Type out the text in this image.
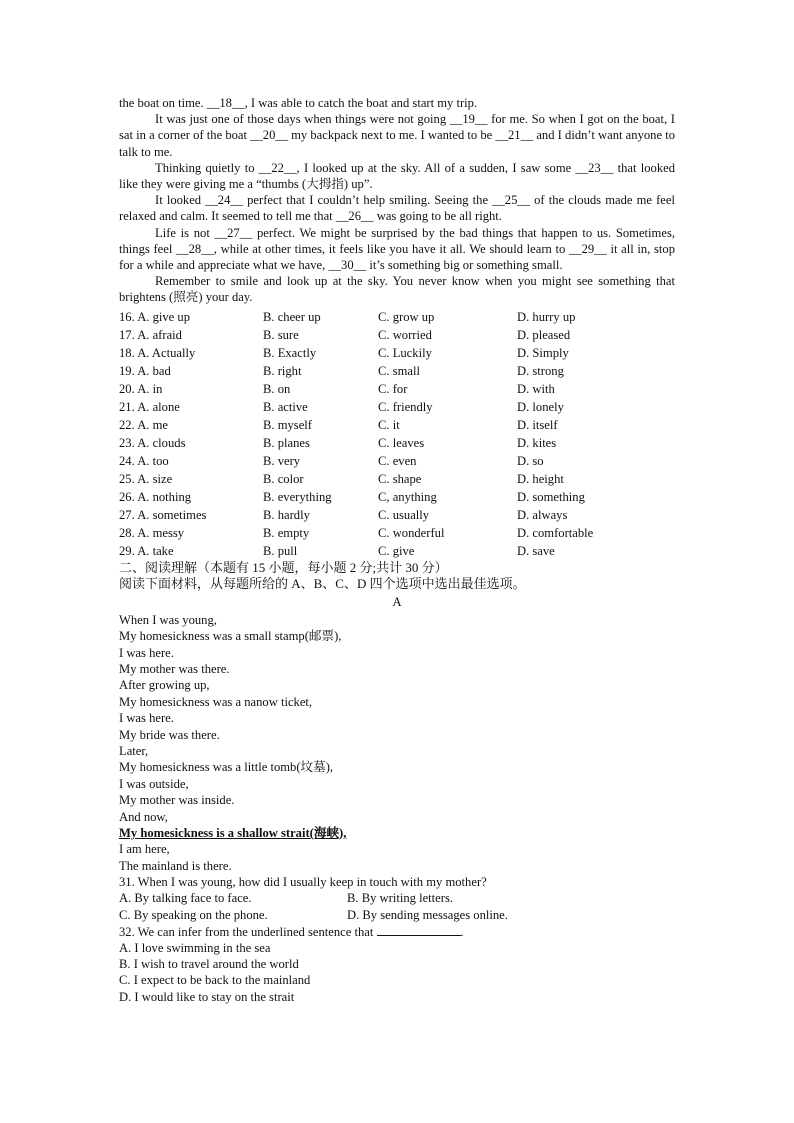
the boat on time. __18__, I was able to catch the boat and start my trip.

It was just one of those days when things were not going __19__ for me. So when I got on the boat, I sat in a corner of the boat __20__ my backpack next to me. I wanted to be __21__ and I didn’t want anyone to talk to me.

Thinking quietly to __22__, I looked up at the sky. All of a sudden, I saw some __23__ that looked like they were giving me a “thumbs (大拇指) up”.

It looked __24__ perfect that I couldn’t help smiling. Seeing the __25__ of the clouds made me feel relaxed and calm. It seemed to tell me that __26__ was going to be all right.

Life is not __27__ perfect. We might be surprised by the bad things that happen to us. Sometimes, things feel __28__, while at other times, it feels like you have it all. We should learn to __29__ it all in, stop for a while and appreciate what we have, __30__ it’s something big or something small.

Remember to smile and look up at the sky. You never know when you might see something that brightens (照亮) your day.

16. A. give up	B. cheer up	C. grow up	D. hurry up
17. A. afraid	B. sure	C. worried	D. pleased
18. A. Actually	B. Exactly	C. Luckily	D. Simply
19. A. bad	B. right	C. small	D. strong
20. A. in	B. on	C. for	D. with
21. A. alone	B. active	C. friendly	D. lonely
22. A. me	B. myself	C. it	D. itself
23. A. clouds	B. planes	C. leaves	D. kites
24. A. too	B. very	C. even	D. so
25. A. size	B. color	C. shape	D. height
26. A. nothing	B. everything	C, anything	D. something
27. A. sometimes	B. hardly	C. usually	D. always
28. A. messy	B. empty	C. wonderful	D. comfortable
29. A. take	B. pull	C. give	D. save

二、阅读理解（本题有 15 小题，每小题 2 分;共计 30 分）

阅读下面材料，从每题所给的 A、B、C、D 四个选项中选出最佳选项。

A

When I was young,

My homesickness was a small stamp(邮票),

I was here.

My mother was there.

After growing up,

My homesickness was a nanow ticket,

I was here.

My bride was there.

Later,

My homesickness was a little tomb(坟墓),

I was outside,

My mother was inside.

And now,

My homesickness is a shallow strait(海峡),

I am here,

The mainland is there.

31. When I was young, how did I usually keep in touch with my mother?

A. By talking face to face.	B. By writing letters.
C. By speaking on the phone.	D. By sending messages online.

32. We can infer from the underlined sentence that	.

A. I love swimming in the sea

B. I wish to travel around the world

C. I expect to be back to the mainland

D. I would like to stay on the strait
